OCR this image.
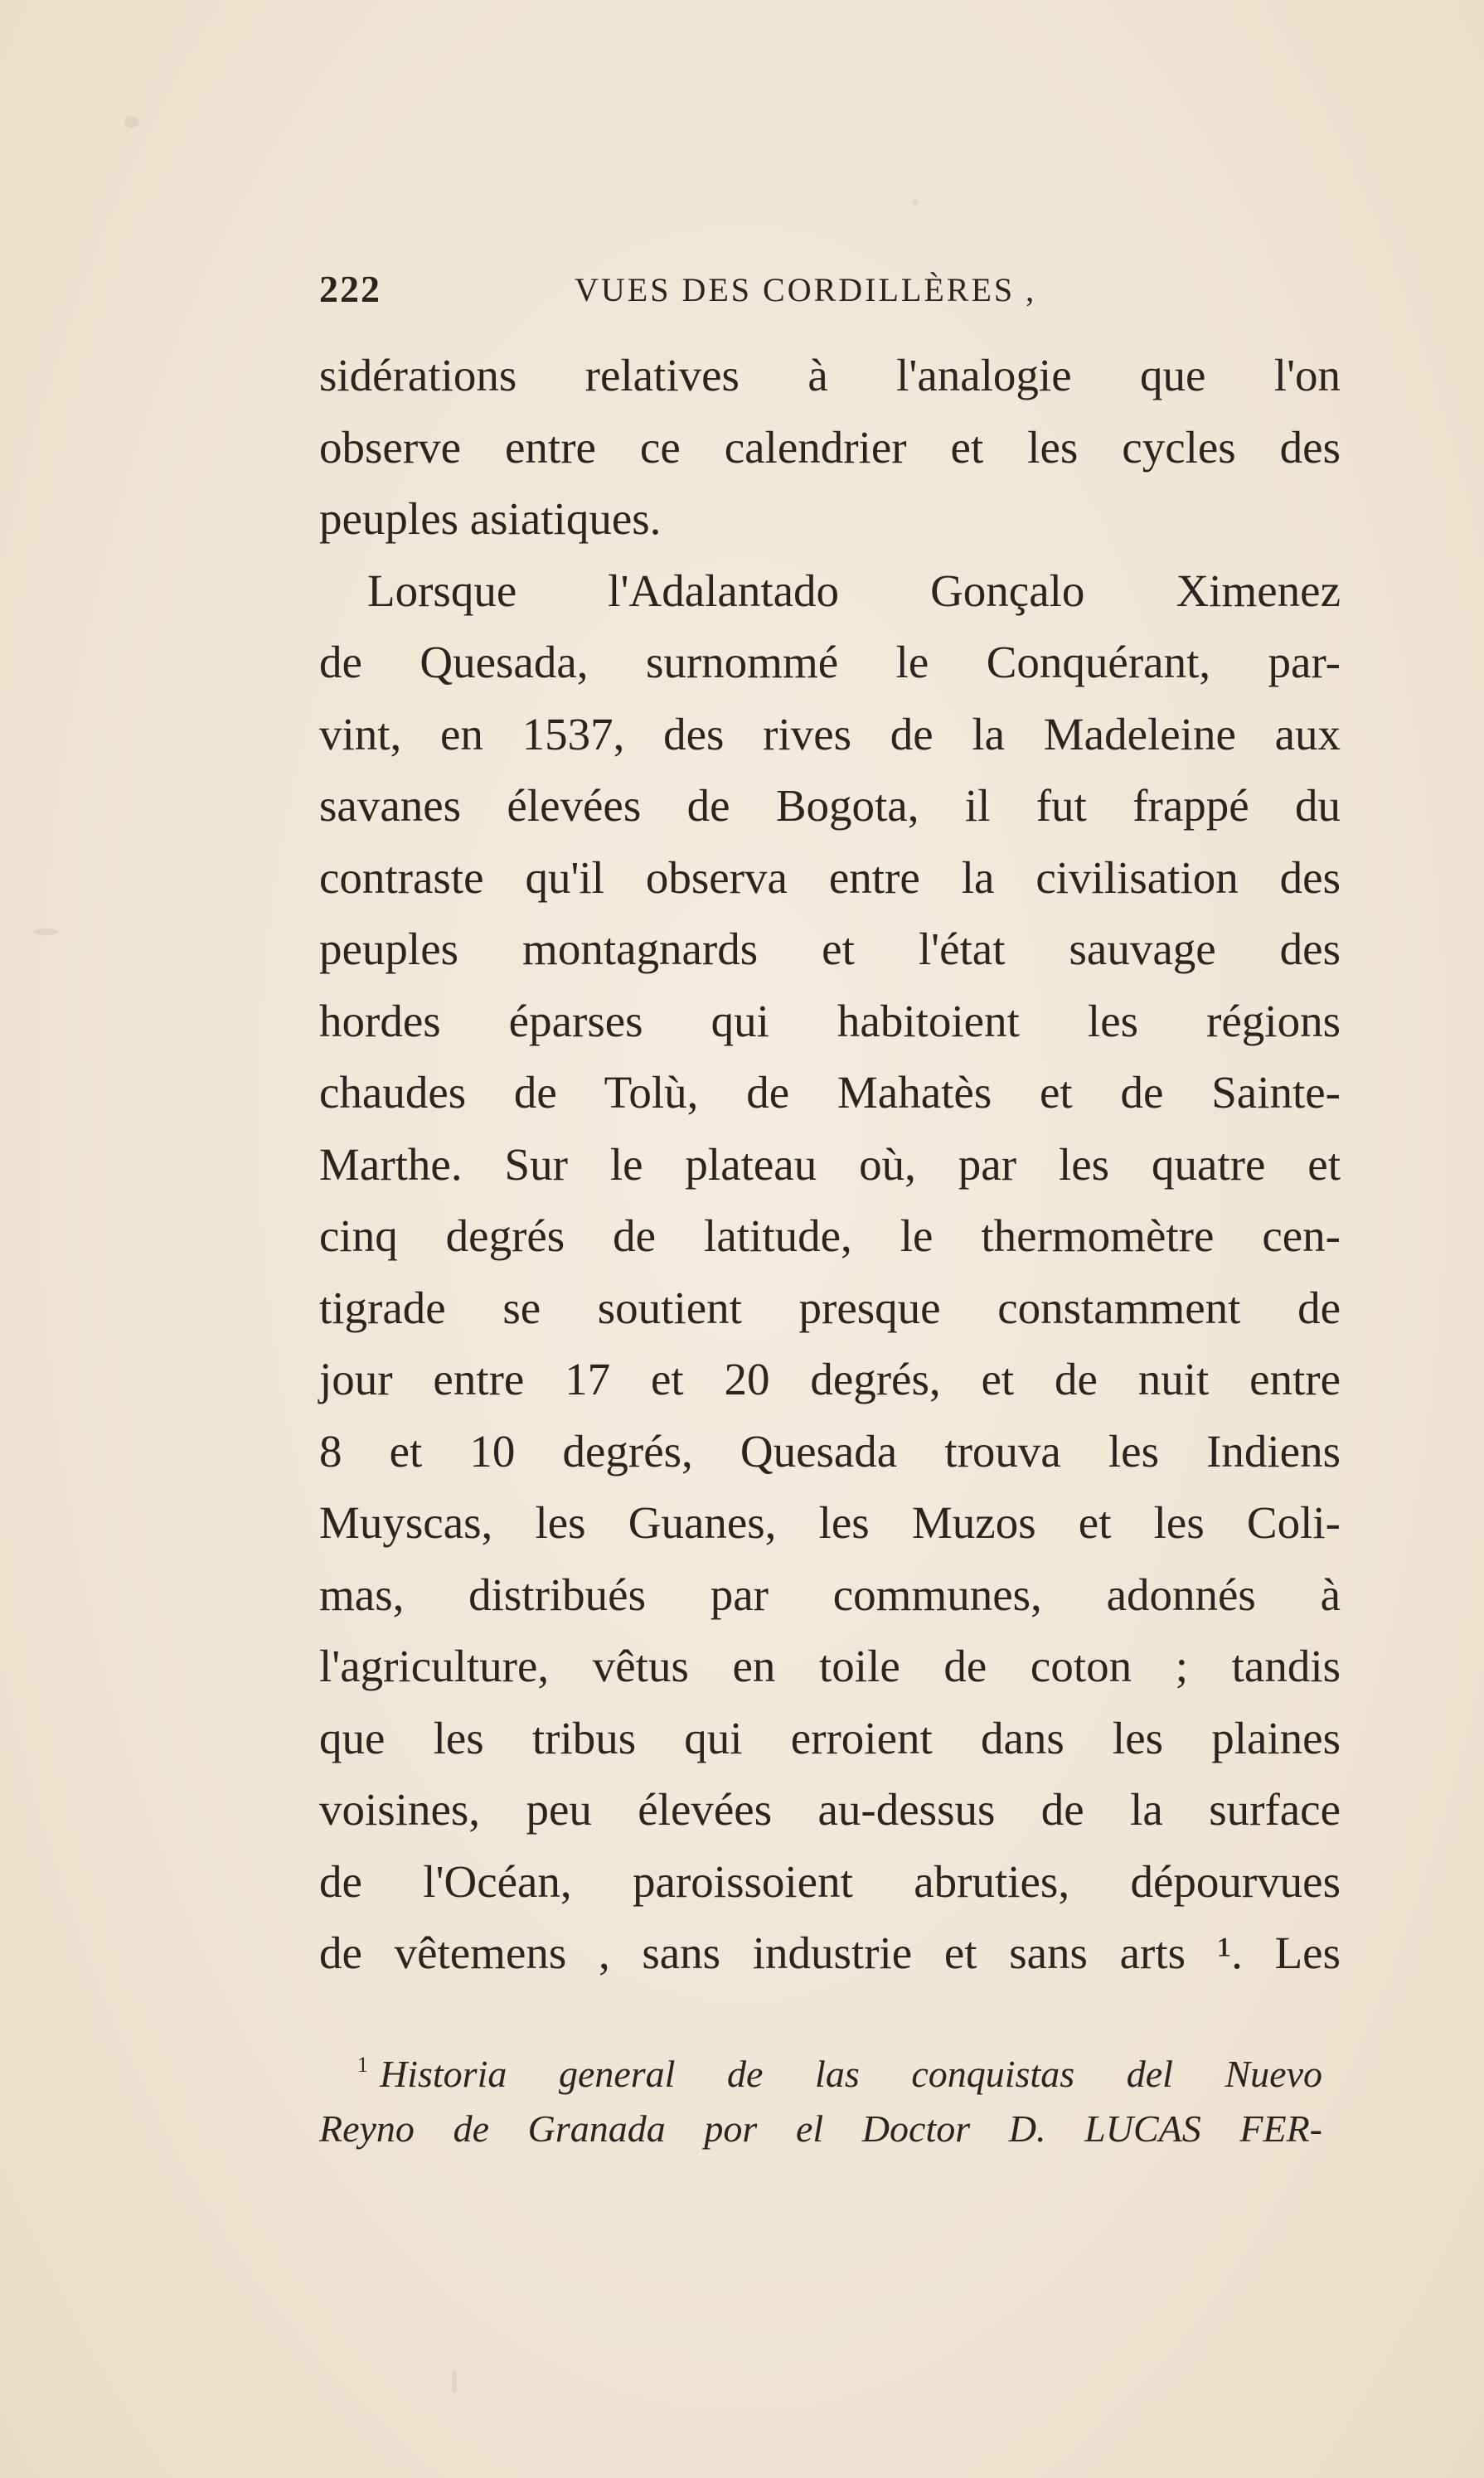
222	VUES DES CORDILLÈRES ,
sidérations relatives à l'analogie que l'on
observe entre ce calendrier et les cycles des
peuples asiatiques.
Lorsque l'Adalantado Gonçalo Ximenez
de Quesada, surnommé le Conquérant, par-
vint, en 1537, des rives de la Madeleine aux
savanes élevées de Bogota, il fut frappé du
contraste qu'il observa entre la civilisation des
peuples montagnards et l'état sauvage des
hordes éparses qui habitoient les régions
chaudes de Tolù, de Mahatès et de Sainte-
Marthe. Sur le plateau où, par les quatre et
cinq degrés de latitude, le thermomètre cen-
tigrade se soutient presque constamment de
jour entre 17 et 20 degrés, et de nuit entre
8 et 10 degrés, Quesada trouva les Indiens
Muyscas, les Guanes, les Muzos et les Coli-
mas, distribués par communes, adonnés à
l'agriculture, vêtus en toile de coton ; tandis
que les tribus qui erroient dans les plaines
voisines, peu élevées au-dessus de la surface
de l'Océan, paroissoient abruties, dépourvues
de vêtemens , sans industrie et sans arts ¹. Les
$^1$ Historia general de las conquistas del Nuevo
Reyno de Granada por el Doctor D. LUCAS FER-
